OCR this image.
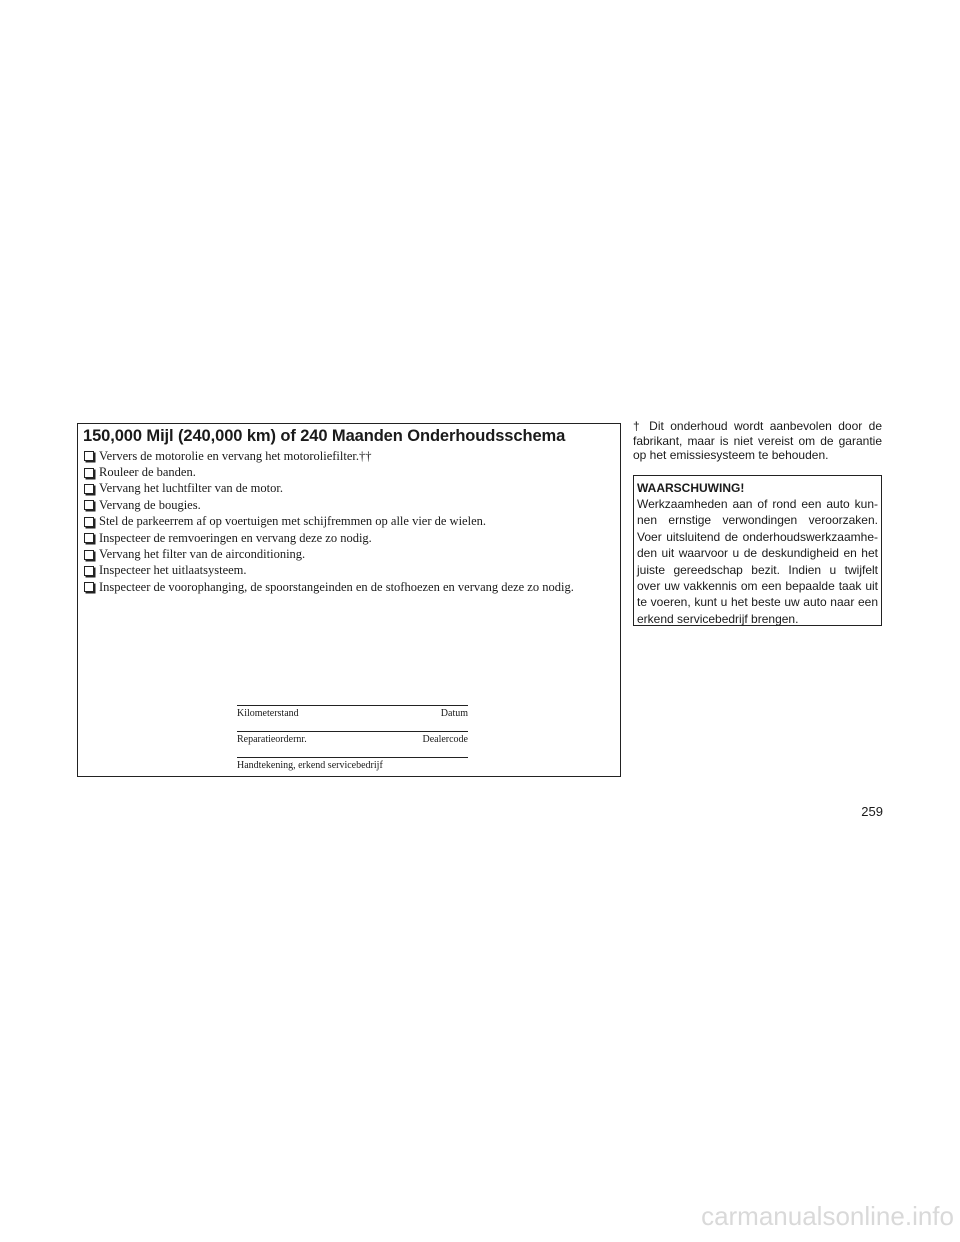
150,000 Mijl (240,000 km) of 240 Maanden Onderhoudsschema
Ververs de motorolie en vervang het motoroliefilter.††
Rouleer de banden.
Vervang het luchtfilter van de motor.
Vervang de bougies.
Stel de parkeerrem af op voertuigen met schijfremmen op alle vier de wielen.
Inspecteer de remvoeringen en vervang deze zo nodig.
Vervang het filter van de airconditioning.
Inspecteer het uitlaatsysteem.
Inspecteer de voorophanging, de spoorstangeinden en de stofhoezen en vervang deze zo nodig.
Kilometerstand	Datum
Reparatieordernr.	Dealercode
Handtekening, erkend servicebedrijf

† Dit onderhoud wordt aanbevolen door de fabrikant, maar is niet vereist om de garantie op het emissiesysteem te behouden.

WAARSCHUWING!

Werkzaamheden aan of rond een auto kun-nen ernstige verwondingen veroorzaken. Voer uitsluitend de onderhoudswerkzaamhe-den uit waarvoor u de deskundigheid en het juiste gereedschap bezit. Indien u twijfelt over uw vakkennis om een bepaalde taak uit te voeren, kunt u het beste uw auto naar een erkend servicebedrijf brengen.

259
carmanualsonline.info
